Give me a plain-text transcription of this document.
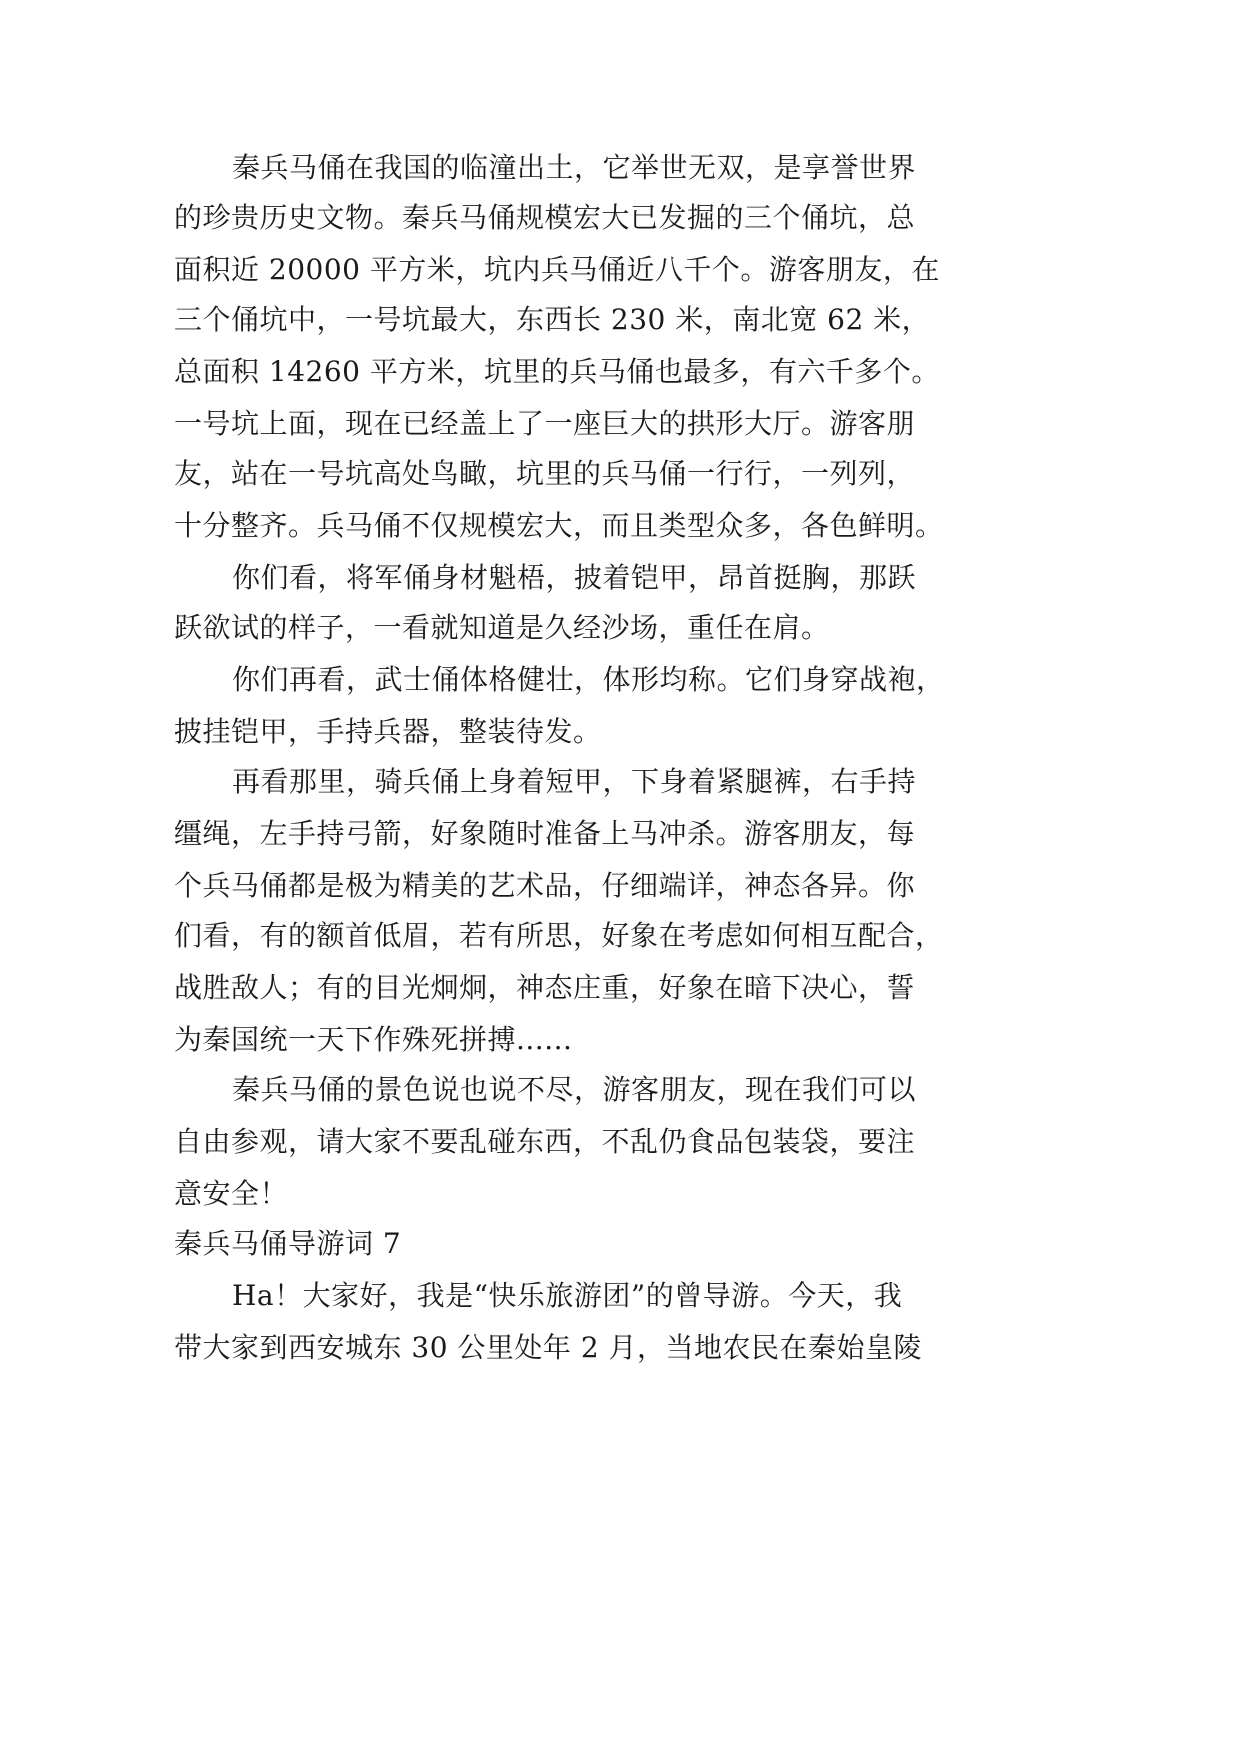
秦兵马俑在我国的临潼出土，它举世无双，是享誉世界
的珍贵历史文物。秦兵马俑规模宏大已发掘的三个俑坑，总
面积近 20000 平方米，坑内兵马俑近八千个。游客朋友，在
三个俑坑中，一号坑最大，东西长 230 米，南北宽 62 米，
总面积 14260 平方米，坑里的兵马俑也最多，有六千多个。
一号坑上面，现在已经盖上了一座巨大的拱形大厅。游客朋
友，站在一号坑高处鸟瞰，坑里的兵马俑一行行，一列列，
十分整齐。兵马俑不仅规模宏大，而且类型众多，各色鲜明。
你们看，将军俑身材魁梧，披着铠甲，昂首挺胸，那跃
跃欲试的样子，一看就知道是久经沙场，重任在肩。
你们再看，武士俑体格健壮，体形均称。它们身穿战袍，
披挂铠甲，手持兵器，整装待发。
再看那里，骑兵俑上身着短甲，下身着紧腿裤，右手持
缰绳，左手持弓箭，好象随时准备上马冲杀。游客朋友，每
个兵马俑都是极为精美的艺术品，仔细端详，神态各异。你
们看，有的额首低眉，若有所思，好象在考虑如何相互配合，
战胜敌人；有的目光炯炯，神态庄重，好象在暗下决心，誓
为秦国统一天下作殊死拼搏......
秦兵马俑的景色说也说不尽，游客朋友，现在我们可以
自由参观，请大家不要乱碰东西，不乱仍食品包装袋，要注
意安全！
秦兵马俑导游词 7
Ha！大家好，我是“快乐旅游团”的曾导游。今天，我
带大家到西安城东 30 公里处年 2 月，当地农民在秦始皇陵
